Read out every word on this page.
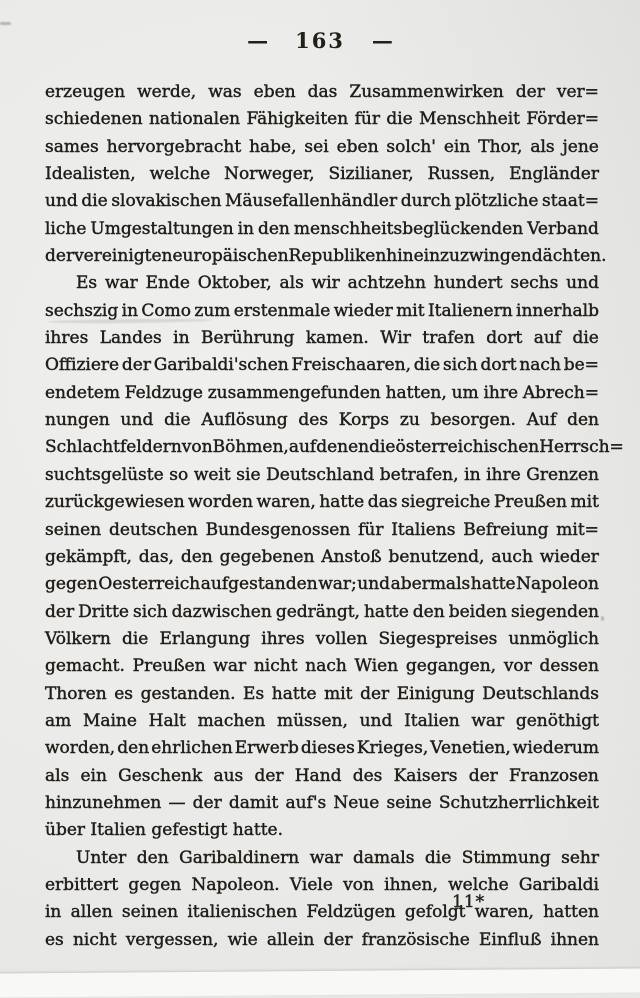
— 163 —
erzeugen werde, was eben das Zusammenwirken der ver=
schiedenen nationalen Fähigkeiten für die Menschheit Förder=
sames hervorgebracht habe, sei eben solch' ein Thor, als jene
Idealisten, welche Norweger, Sizilianer, Russen, Engländer
und die slovakischen Mäusefallenhändler durch plötzliche staat=
liche Umgestaltungen in den menschheitsbeglückenden Verband
der vereinigten europäischen Republiken hineinzuzwingen dächten.
Es war Ende Oktober, als wir achtzehn hundert sechs und
sechszig in Como zum erstenmale wieder mit Italienern innerhalb
ihres Landes in Berührung kamen. Wir trafen dort auf die
Offiziere der Garibaldi'schen Freischaaren, die sich dort nach be=
endetem Feldzuge zusammengefunden hatten, um ihre Abrech=
nungen und die Auflösung des Korps zu besorgen. Auf den
Schlachtfeldern von Böhmen, auf denen die österreichischen Herrsch=
suchtsgelüste so weit sie Deutschland betrafen, in ihre Grenzen
zurückgewiesen worden waren, hatte das siegreiche Preußen mit
seinen deutschen Bundesgenossen für Italiens Befreiung mit=
gekämpft, das, den gegebenen Anstoß benutzend, auch wieder
gegen Oesterreich aufgestanden war; und abermals hatte Napoleon
der Dritte sich dazwischen gedrängt, hatte den beiden siegenden
Völkern die Erlangung ihres vollen Siegespreises unmöglich
gemacht. Preußen war nicht nach Wien gegangen, vor dessen
Thoren es gestanden. Es hatte mit der Einigung Deutschlands
am Maine Halt machen müssen, und Italien war genöthigt
worden, den ehrlichen Erwerb dieses Krieges, Venetien, wiederum
als ein Geschenk aus der Hand des Kaisers der Franzosen
hinzunehmen — der damit auf's Neue seine Schutzherrlichkeit
über Italien gefestigt hatte.
Unter den Garibaldinern war damals die Stimmung sehr
erbittert gegen Napoleon. Viele von ihnen, welche Garibaldi
in allen seinen italienischen Feldzügen gefolgt waren, hatten
es nicht vergessen, wie allein der französische Einfluß ihnen
11*
